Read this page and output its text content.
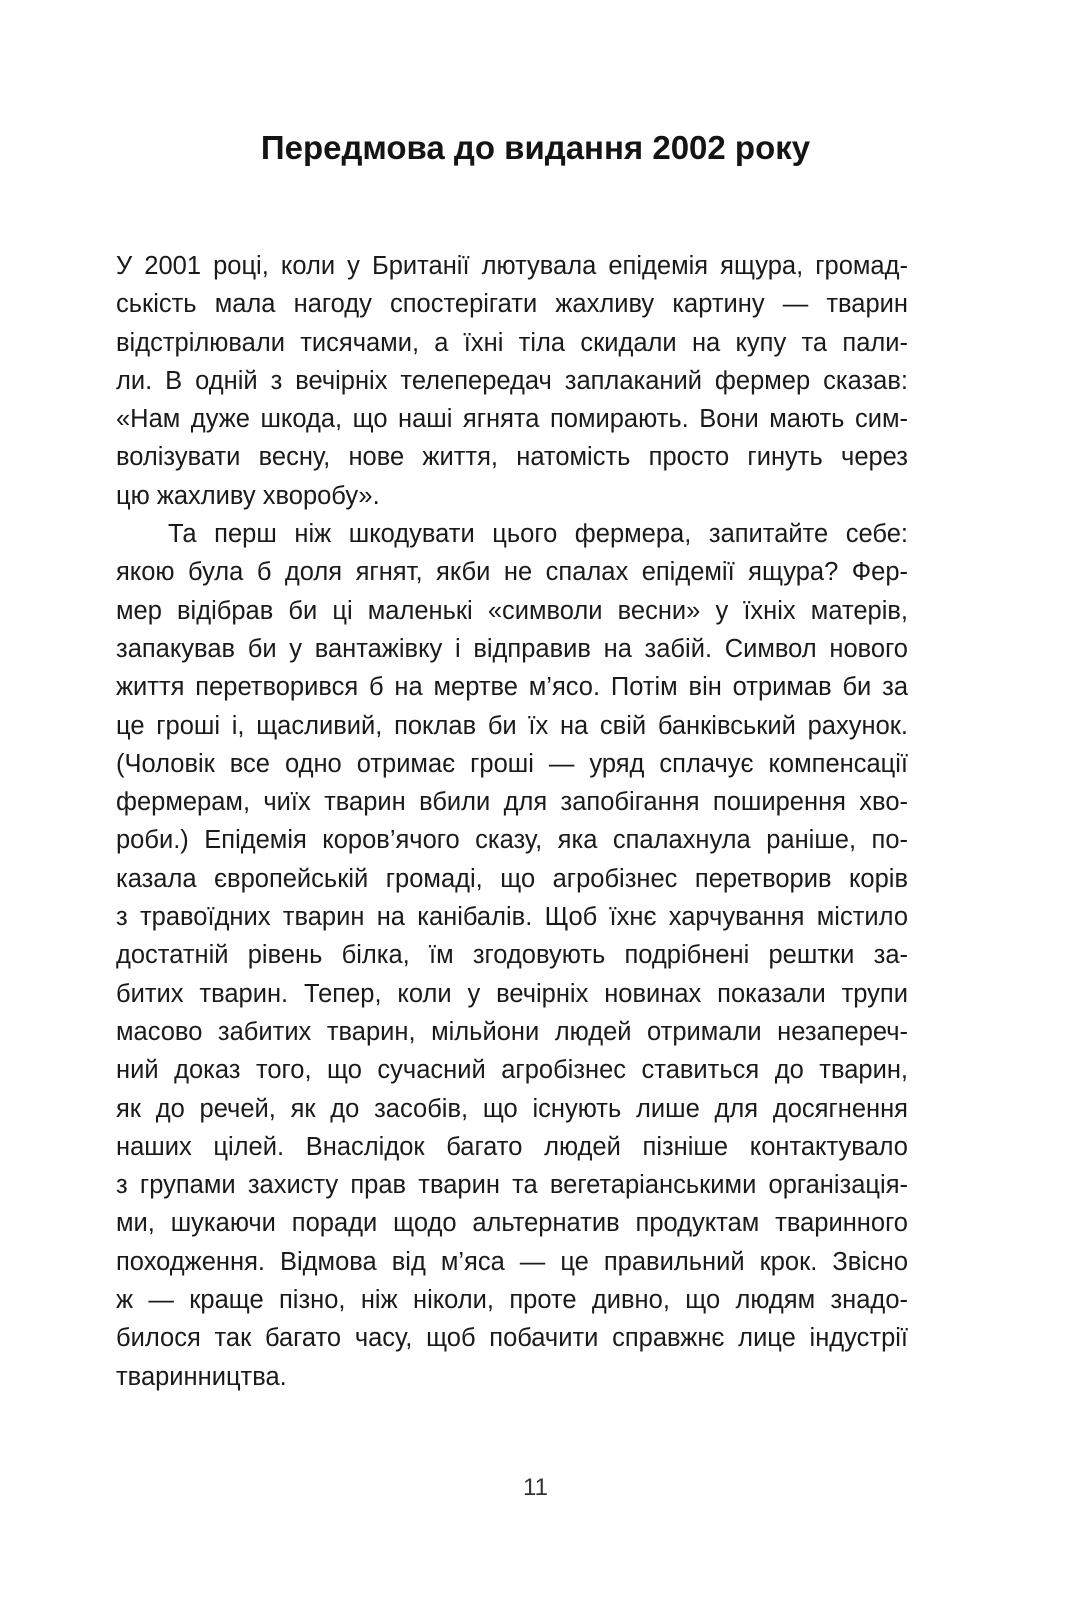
Передмова до видання 2002 року
У 2001 році, коли у Британії лютувала епідемія ящура, громад-
ськість мала нагоду спостерігати жахливу картину — тварин
відстрілювали тисячами, а їхні тіла скидали на купу та пали-
ли. В одній з вечірніх телепередач заплаканий фермер сказав:
«Нам дуже шкода, що наші ягнята помирають. Вони мають сим-
волізувати весну, нове життя, натомість просто гинуть через
цю жахливу хворобу».
Та перш ніж шкодувати цього фермера, запитайте себе:
якою була б доля ягнят, якби не спалах епідемії ящура? Фер-
мер відібрав би ці маленькі «символи весни» у їхніх матерів,
запакував би у вантажівку і відправив на забій. Символ нового
життя перетворився б на мертве м’ясо. Потім він отримав би за
це гроші і, щасливий, поклав би їх на свій банківський рахунок.
(Чоловік все одно отримає гроші — уряд сплачує компенсації
фермерам, чиїх тварин вбили для запобігання поширення хво-
роби.) Епідемія коров’ячого сказу, яка спалахнула раніше, по-
казала європейській громаді, що агробізнес перетворив корів
з травоїдних тварин на канібалів. Щоб їхнє харчування містило
достатній рівень білка, їм згодовують подрібнені рештки за-
битих тварин. Тепер, коли у вечірніх новинах показали трупи
масово забитих тварин, мільйони людей отримали незапереч-
ний доказ того, що сучасний агробізнес ставиться до тварин,
як до речей, як до засобів, що існують лише для досягнення
наших цілей. Внаслідок багато людей пізніше контактувало
з групами захисту прав тварин та вегетаріанськими організація-
ми, шукаючи поради щодо альтернатив продуктам тваринного
походження. Відмова від м’яса — це правильний крок. Звісно
ж — краще пізно, ніж ніколи, проте дивно, що людям знадо-
билося так багато часу, щоб побачити справжнє лице індустрії
тваринництва.
11
